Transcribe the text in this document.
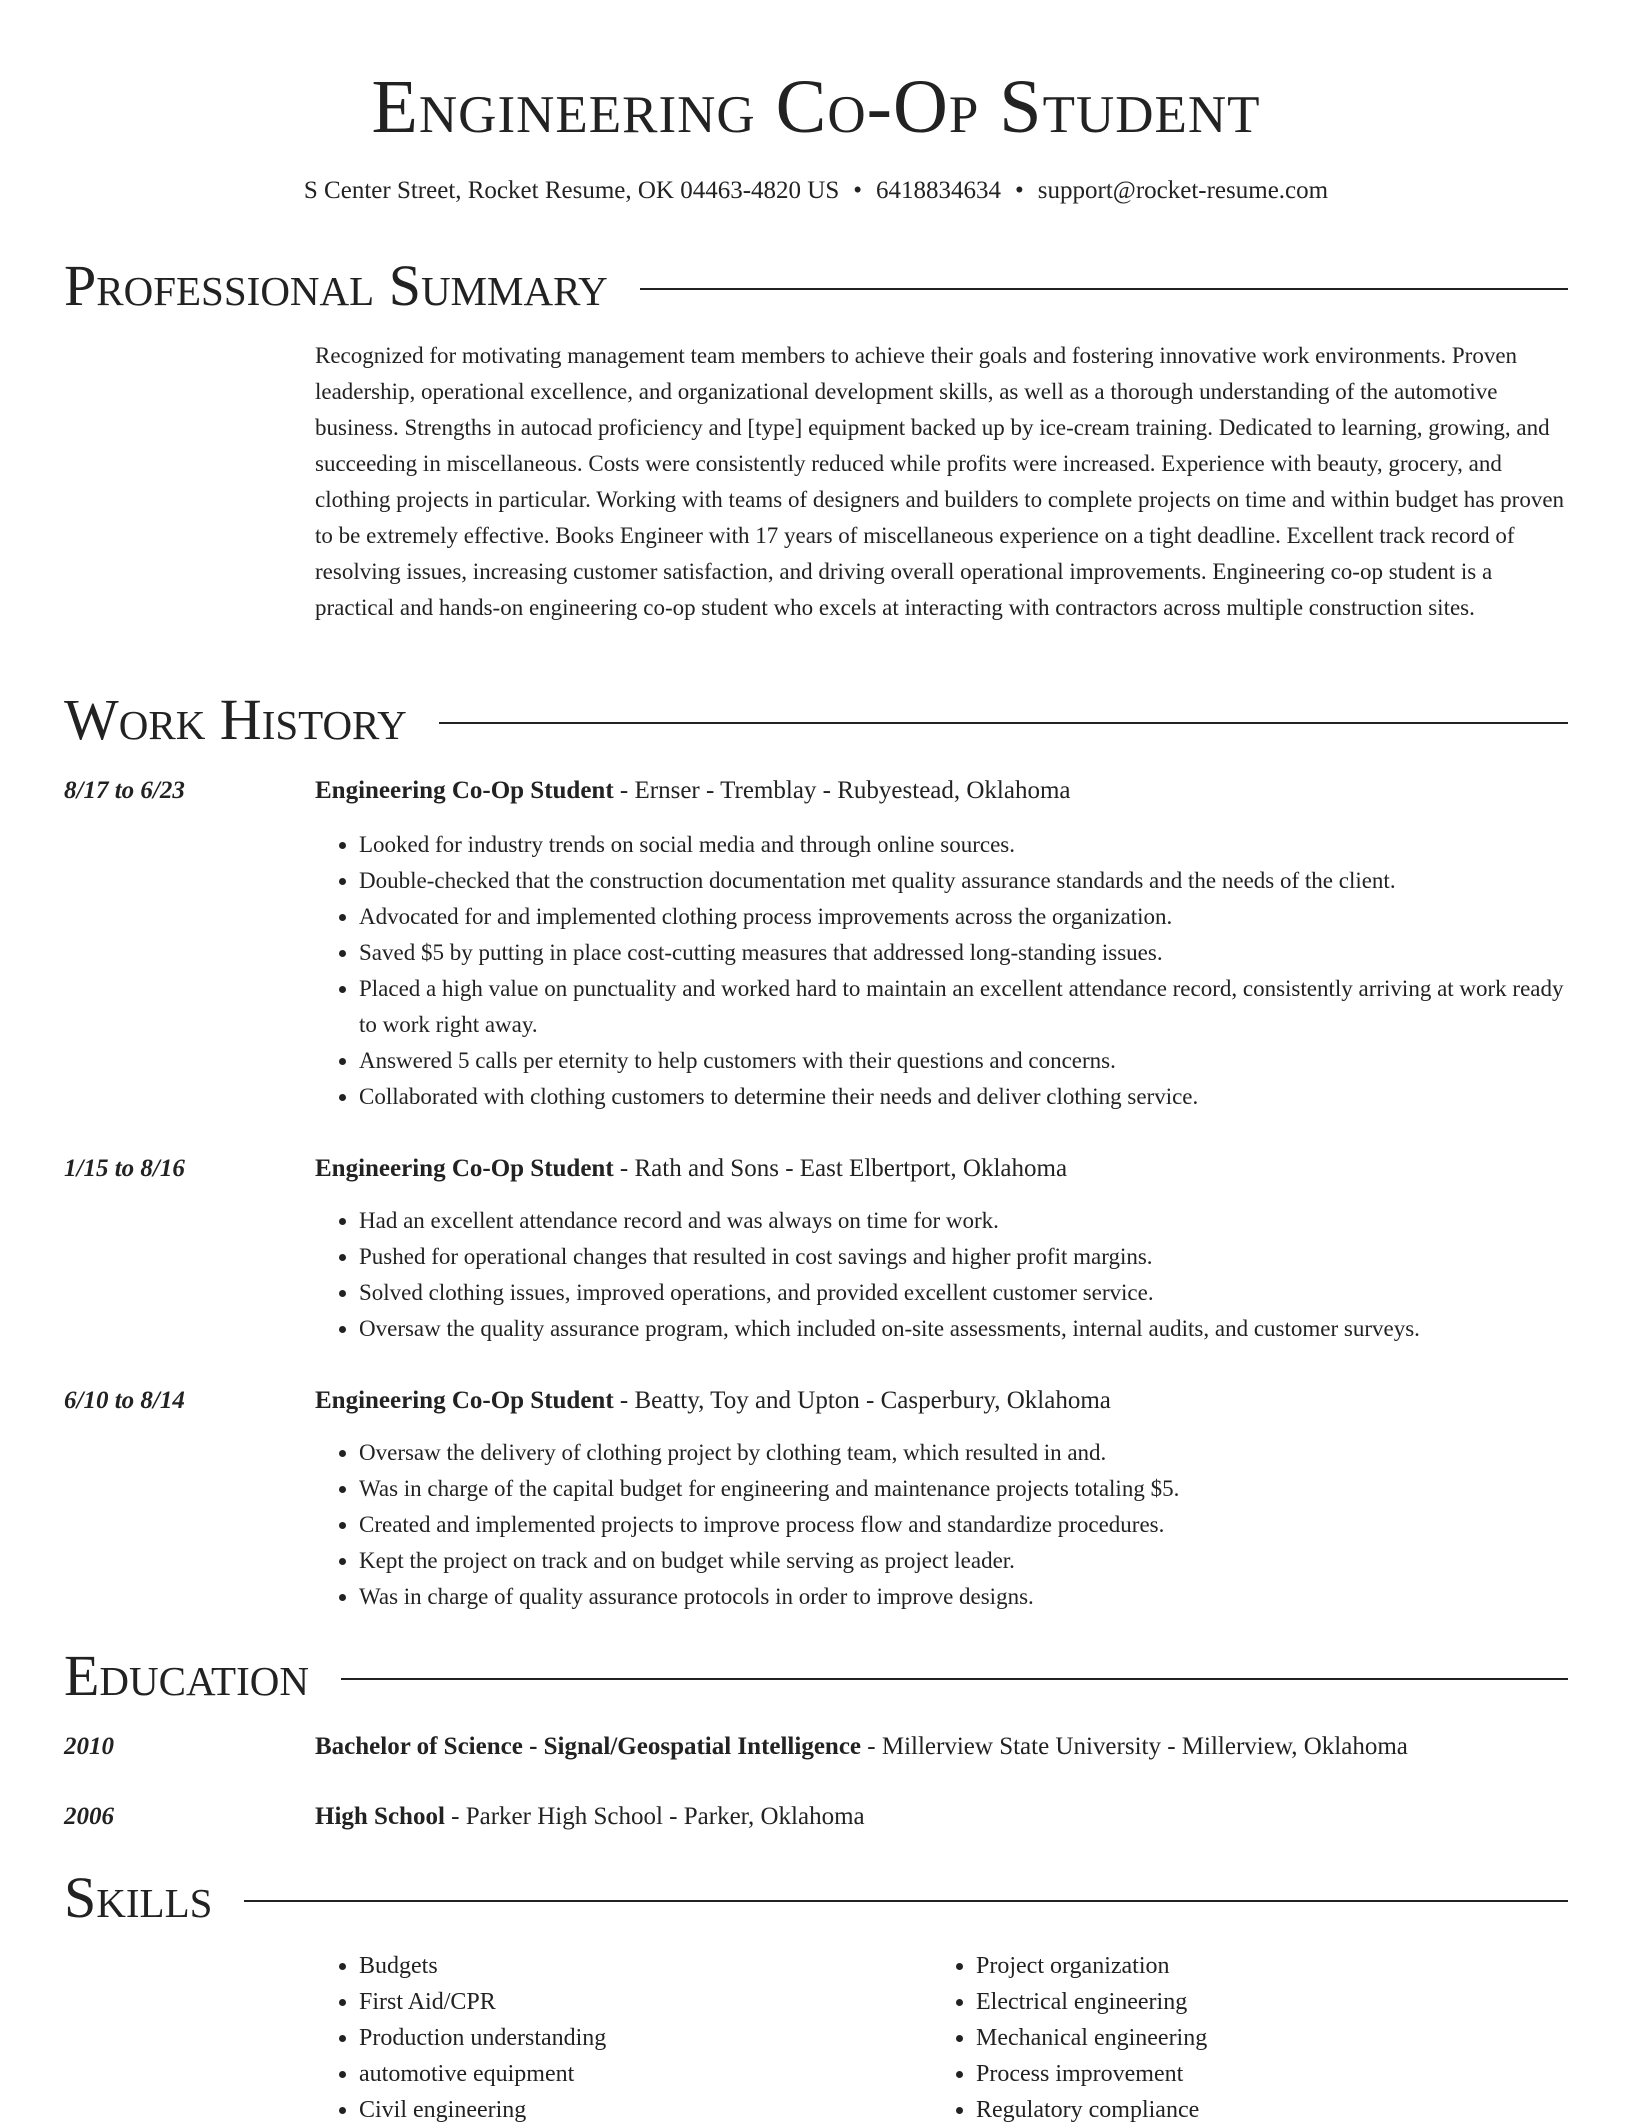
Engineering Co-Op Student
S Center Street, Rocket Resume, OK 04463-4820 US • 6418834634 • support@rocket-resume.com
Professional Summary
Recognized for motivating management team members to achieve their goals and fostering innovative work environments. Proven leadership, operational excellence, and organizational development skills, as well as a thorough understanding of the automotive business. Strengths in autocad proficiency and [type] equipment backed up by ice-cream training. Dedicated to learning, growing, and succeeding in miscellaneous. Costs were consistently reduced while profits were increased. Experience with beauty, grocery, and clothing projects in particular. Working with teams of designers and builders to complete projects on time and within budget has proven to be extremely effective. Books Engineer with 17 years of miscellaneous experience on a tight deadline. Excellent track record of resolving issues, increasing customer satisfaction, and driving overall operational improvements. Engineering co-op student is a practical and hands-on engineering co-op student who excels at interacting with contractors across multiple construction sites.
Work History
8/17 to 6/23	Engineering Co-Op Student - Ernser - Tremblay - Rubyestead, Oklahoma
• Looked for industry trends on social media and through online sources.
• Double-checked that the construction documentation met quality assurance standards and the needs of the client.
• Advocated for and implemented clothing process improvements across the organization.
• Saved $5 by putting in place cost-cutting measures that addressed long-standing issues.
• Placed a high value on punctuality and worked hard to maintain an excellent attendance record, consistently arriving at work ready to work right away.
• Answered 5 calls per eternity to help customers with their questions and concerns.
• Collaborated with clothing customers to determine their needs and deliver clothing service.
1/15 to 8/16	Engineering Co-Op Student - Rath and Sons - East Elbertport, Oklahoma
• Had an excellent attendance record and was always on time for work.
• Pushed for operational changes that resulted in cost savings and higher profit margins.
• Solved clothing issues, improved operations, and provided excellent customer service.
• Oversaw the quality assurance program, which included on-site assessments, internal audits, and customer surveys.
6/10 to 8/14	Engineering Co-Op Student - Beatty, Toy and Upton - Casperbury, Oklahoma
• Oversaw the delivery of clothing project by clothing team, which resulted in and.
• Was in charge of the capital budget for engineering and maintenance projects totaling $5.
• Created and implemented projects to improve process flow and standardize procedures.
• Kept the project on track and on budget while serving as project leader.
• Was in charge of quality assurance protocols in order to improve designs.
Education
2010	Bachelor of Science - Signal/Geospatial Intelligence - Millerview State University - Millerview, Oklahoma
2006	High School - Parker High School - Parker, Oklahoma
Skills
• Budgets
• First Aid/CPR
• Production understanding
• automotive equipment
• Civil engineering
• Project organization
• Electrical engineering
• Mechanical engineering
• Process improvement
• Regulatory compliance
